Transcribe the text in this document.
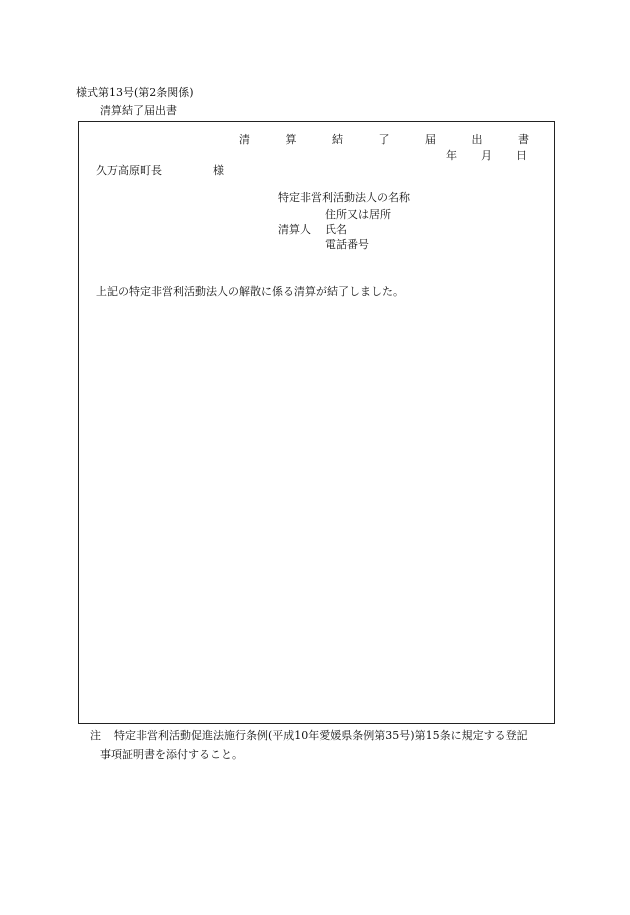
様式第13号(第2条関係)
清算結了届出書
清 算 結 了 届 出 書
年 月 日
久万高原町長	様
特定非営利活動法人の名称
住所又は居所
清算人 氏名
電話番号
上記の特定非営利活動法人の解散に係る清算が結了しました。
注 特定非営利活動促進法施行条例(平成10年愛媛県条例第35号)第15条に規定する登記
事項証明書を添付すること。
